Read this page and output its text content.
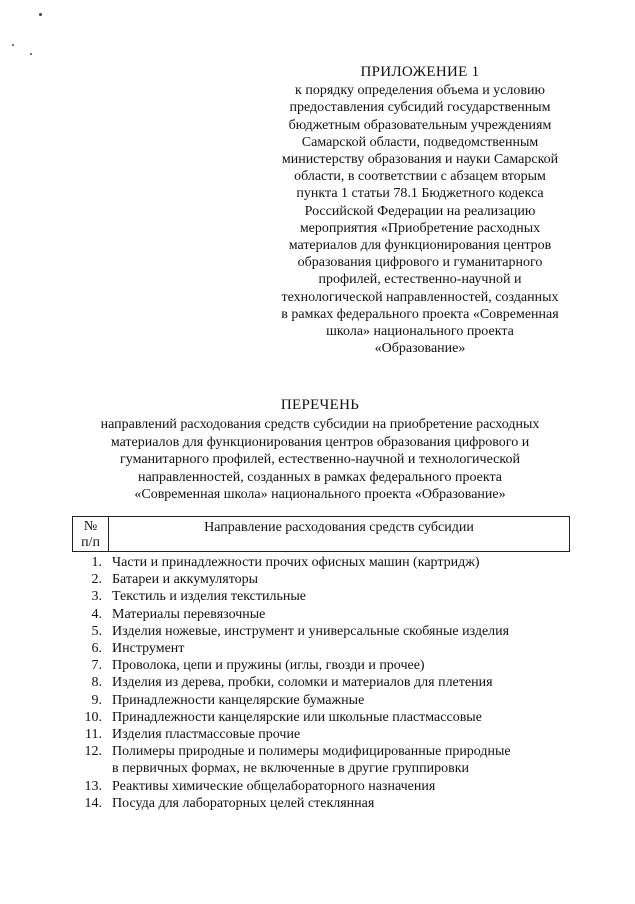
ПРИЛОЖЕНИЕ 1
к порядку определения объема и условию
предоставления субсидий государственным
бюджетным образовательным учреждениям
Самарской области, подведомственным
министерству образования и науки Самарской
области, в соответствии с абзацем вторым
пункта 1 статьи 78.1 Бюджетного кодекса
Российской Федерации на реализацию
мероприятия «Приобретение расходных
материалов для функционирования центров
образования цифрового и гуманитарного
профилей, естественно-научной и
технологической направленностей, созданных
в рамках федерального проекта «Современная
школа» национального проекта
«Образование»
ПЕРЕЧЕНЬ
направлений расходования средств субсидии на приобретение расходных
материалов для функционирования центров образования цифрового и
гуманитарного профилей, естественно-научной и технологической
направленностей, созданных в рамках федерального проекта
«Современная школа» национального проекта «Образование»
№
п/п
Направление расходования средств субсидии
1. Части и принадлежности прочих офисных машин (картридж)
2. Батареи и аккумуляторы
3. Текстиль и изделия текстильные
4. Материалы перевязочные
5. Изделия ножевые, инструмент и универсальные скобяные изделия
6. Инструмент
7. Проволока, цепи и пружины (иглы, гвозди и прочее)
8. Изделия из дерева, пробки, соломки и материалов для плетения
9. Принадлежности канцелярские бумажные
10. Принадлежности канцелярские или школьные пластмассовые
11. Изделия пластмассовые прочие
12. Полимеры природные и полимеры модифицированные природные
в первичных формах, не включенные в другие группировки
13. Реактивы химические общелабораторного назначения
14. Посуда для лабораторных целей стеклянная
